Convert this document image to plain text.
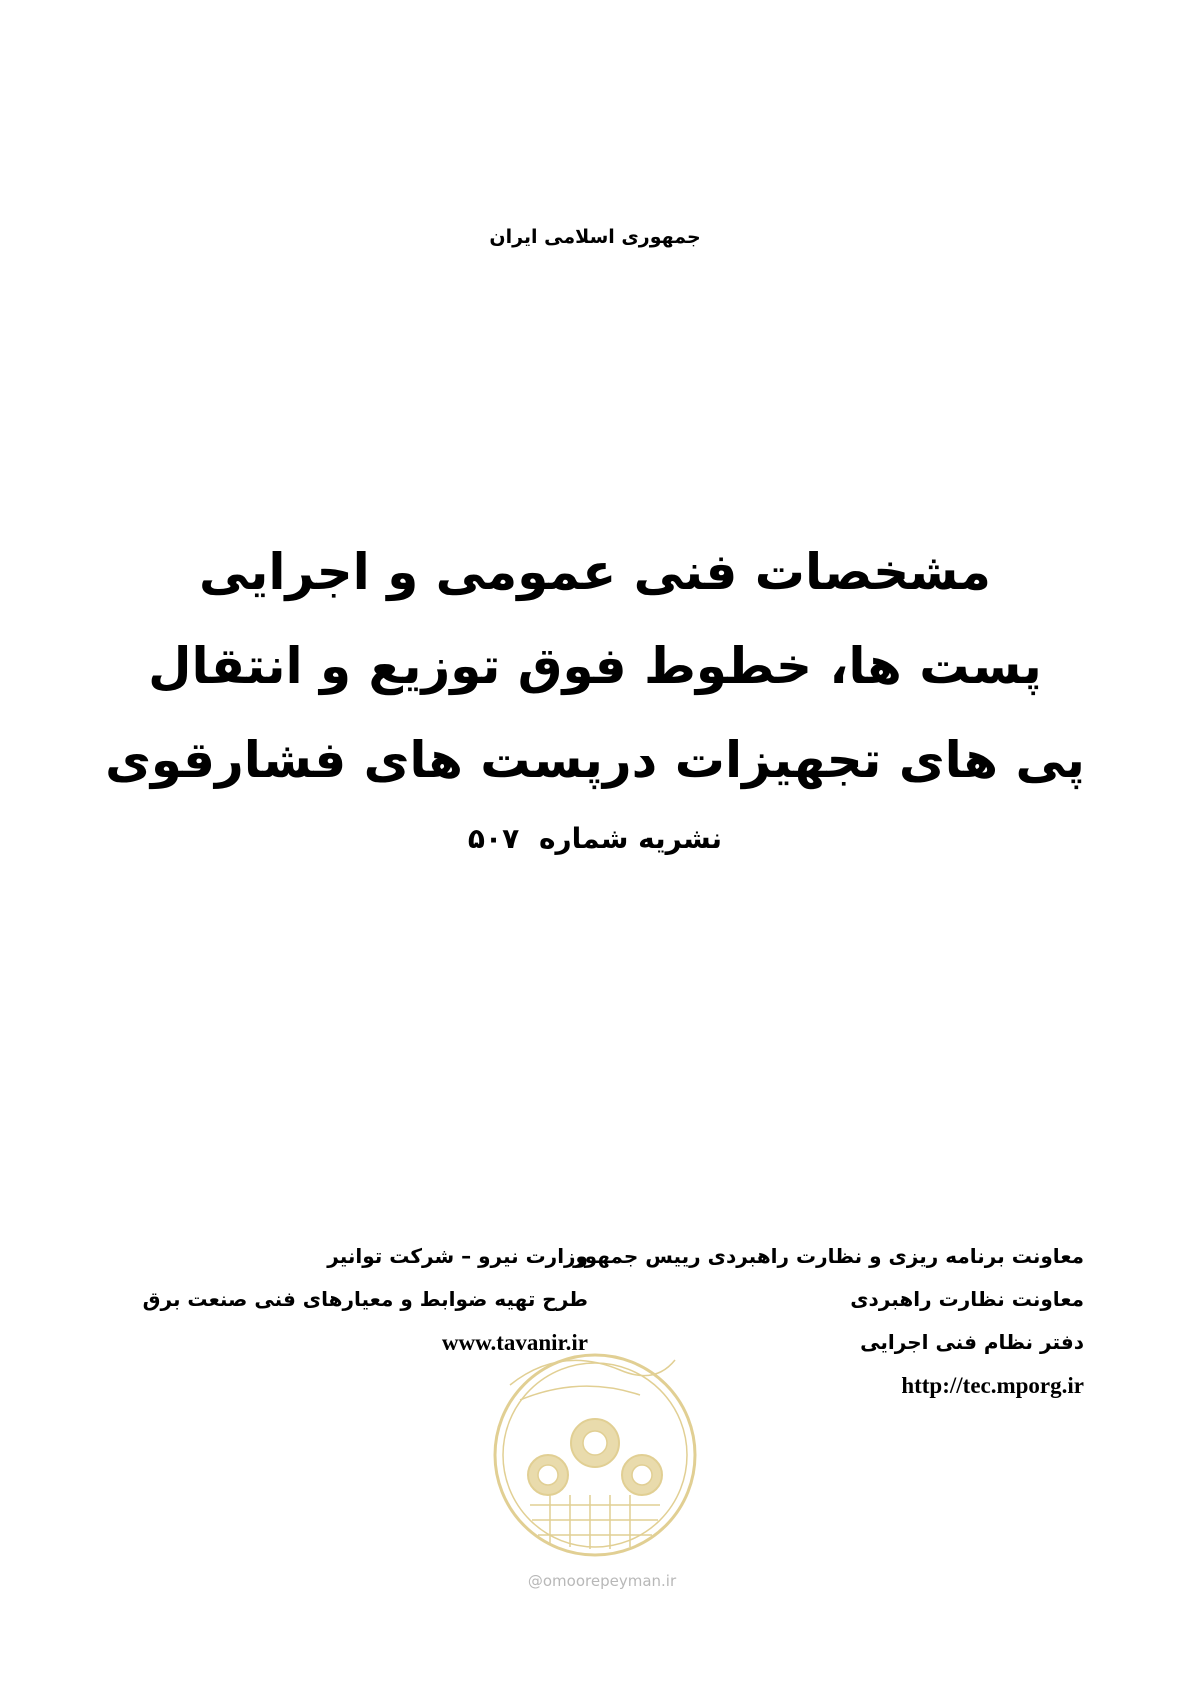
جمهوری اسلامی ایران
مشخصات فنی عمومی و اجرایی
پست ها، خطوط فوق توزیع و انتقال
پی های تجهیزات درپست های فشارقوی
نشریه شماره ۵۰۷
معاونت برنامه ریزی و نظارت راهبردی رییس جمهور
معاونت نظارت راهبردی
دفتر نظام فنی اجرایی
http://tec.mporg.ir
وزارت نیرو – شرکت توانیر
طرح تهیه ضوابط و معیارهای فنی صنعت برق
www.tavanir.ir
@omoorepeyman.ir
